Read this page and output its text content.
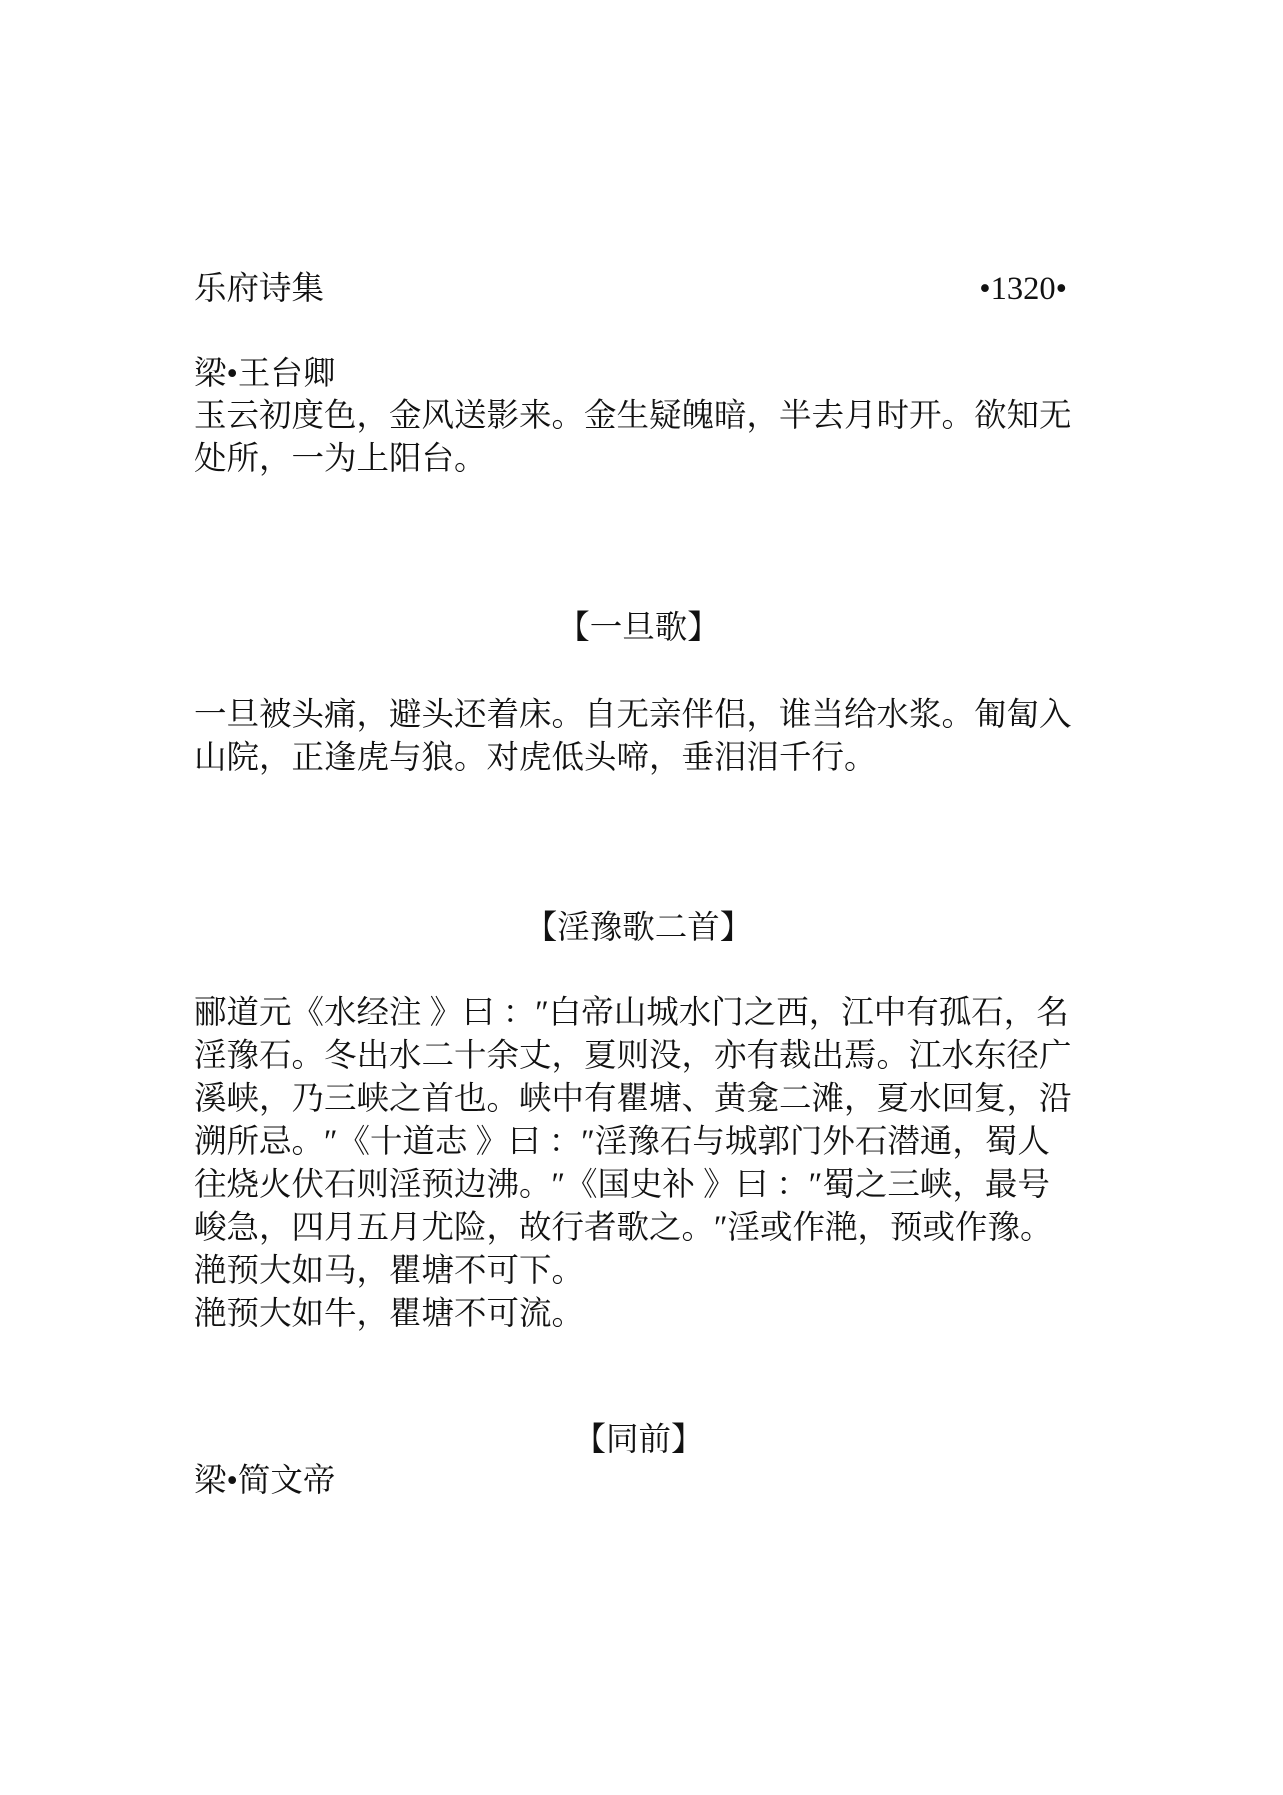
乐府诗集	•1320•
梁•王台卿
玉云初度色，金风送影来。金生疑魄暗，半去月时开。欲知无
处所，一为上阳台。
【一旦歌】
一旦被头痛，避头还着床。自无亲伴侣，谁当给水浆。匍匐入
山院，正逢虎与狼。对虎低头啼，垂泪泪千行。
【淫豫歌二首】
郦道元《水经注 》曰 ：″白帝山城水门之西，江中有孤石，名
淫豫石。冬出水二十余丈，夏则没，亦有裁出焉。江水东径广
溪峡，乃三峡之首也。峡中有瞿塘、黄龛二滩，夏水回复，沿
溯所忌。″《十道志 》曰 ：″淫豫石与城郭门外石潜通，蜀人
往烧火伏石则淫预边沸。″《国史补 》曰 ：″蜀之三峡，最号
峻急，四月五月尤险，故行者歌之。″淫或作滟，预或作豫。
滟预大如马，瞿塘不可下。
滟预大如牛，瞿塘不可流。
【同前】
梁•简文帝
